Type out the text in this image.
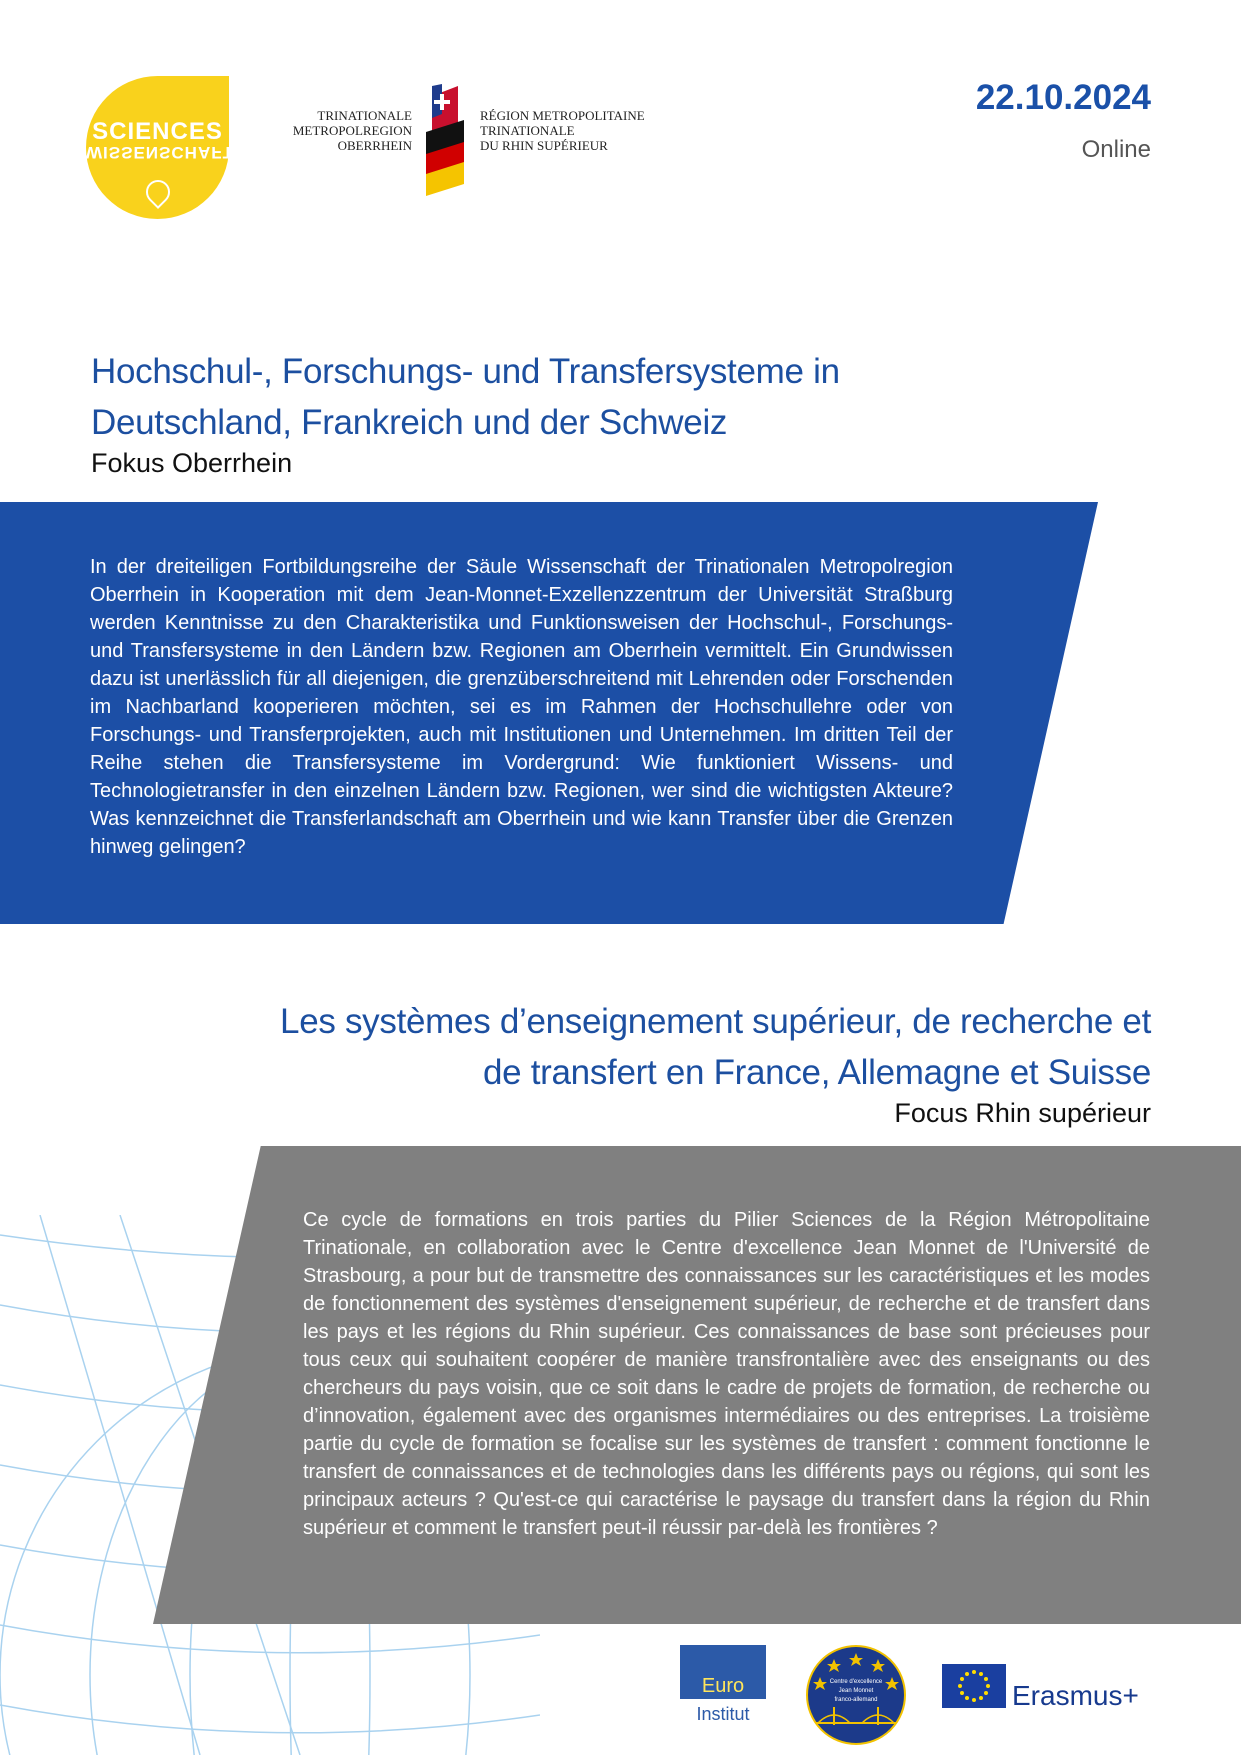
SCIENCES
WISSENSCHAFT
TRINATIONALE
METROPOLREGION
OBERRHEIN
RÉGION METROPOLITAINE
TRINATIONALE
DU RHIN SUPÉRIEUR
22.10.2024
Online
Hochschul-, Forschungs- und Transfersysteme in
Deutschland, Frankreich und der Schweiz
Fokus Oberrhein
In der dreiteiligen Fortbildungsreihe der Säule Wissenschaft der Trinationalen Metropolregion Oberrhein in Kooperation mit dem Jean-Monnet-Exzellenzzentrum der Universität Straßburg werden Kenntnisse zu den Charakteristika und Funktionsweisen der Hochschul-, Forschungs- und Transfersysteme in den Ländern bzw. Regionen am Oberrhein vermittelt. Ein Grundwissen dazu ist unerlässlich für all diejenigen, die grenzüberschreitend mit Lehrenden oder Forschenden im Nachbarland kooperieren möchten, sei es im Rahmen der Hochschullehre oder von Forschungs- und Transferprojekten, auch mit Institutionen und Unternehmen. Im dritten Teil der Reihe stehen die Transfersysteme im Vordergrund: Wie funktioniert Wissens- und Technologietransfer in den einzelnen Ländern bzw. Regionen, wer sind die wichtigsten Akteure? Was kennzeichnet die Transferlandschaft am Oberrhein und wie kann Transfer über die Grenzen hinweg gelingen?
Les systèmes d’enseignement supérieur, de recherche et
de transfert en France, Allemagne et Suisse
Focus Rhin supérieur
Ce cycle de formations en trois parties du Pilier Sciences de la Région Métropolitaine Trinationale, en collaboration avec le Centre d'excellence Jean Monnet de l'Université de Strasbourg, a pour but de transmettre des connaissances sur les caractéristiques et les modes de fonctionnement des systèmes d'enseignement supérieur, de recherche et de transfert dans les pays et les régions du Rhin supérieur. Ces connaissances de base sont précieuses pour tous ceux qui souhaitent coopérer de manière transfrontalière avec des enseignants ou des chercheurs du pays voisin, que ce soit dans le cadre de projets de formation, de recherche ou d’innovation, également avec des organismes intermédiaires ou des entreprises. La troisième partie du cycle de formation se focalise sur les systèmes de transfert : comment fonctionne le transfert de connaissances et de technologies dans les différents pays ou régions, qui sont les principaux acteurs ? Qu'est-ce qui caractérise le paysage du transfert dans la région du Rhin supérieur et comment le transfert peut-il réussir par-delà les frontières ?
Euro
Institut
Centre d'excellence
Jean Monnet
franco-allemand	Erasmus+
